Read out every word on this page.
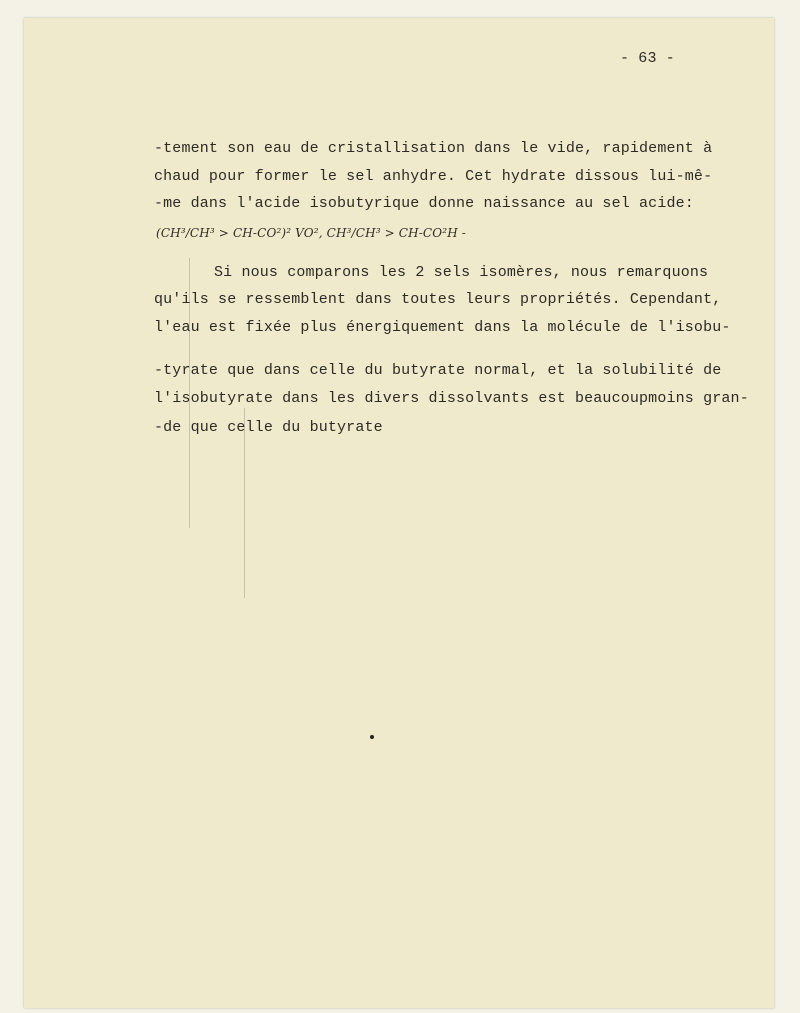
- 63 -
-tement son eau de cristallisation dans le vide, rapidement à
chaud pour former le sel anhydre. Cet hydrate dissous lui-mê-
-me dans l'acide isobutyrique donne naissance au sel acide:
(CH³/CH³ > CH-CO²)² VO², CH³/CH³ > CH-CO²H -
Si nous comparons les 2 sels isomères, nous remarquons
qu'ils se ressemblent dans toutes leurs propriétés. Cependant,
l'eau est fixée plus énergiquement dans la molécule de l'isobu-
-tyrate que dans celle du butyrate normal, et la solubilité de
l'isobutyrate dans les divers dissolvants est beaucoupmoins gran-
-de que celle du butyrate
